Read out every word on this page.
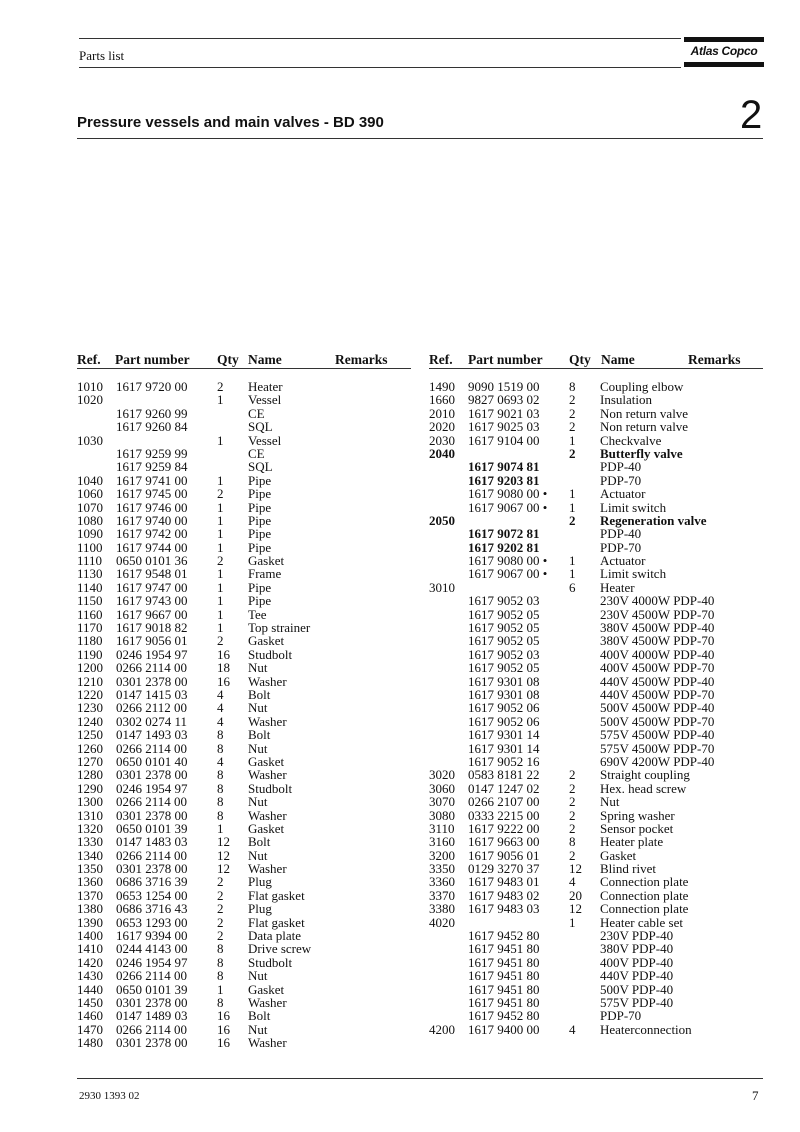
Parts list	Atlas Copco
Pressure vessels and main valves - BD 390	2
Ref. Part number Qty Name	Remarks	Ref. Part number Qty Name	Remarks
1010 1617 9720 00 2 Heater
1020	1 Vessel
1617 9260 99	CE
1617 9260 84	SQL
1030	1 Vessel
1617 9259 99	CE
1617 9259 84	SQL
1040 1617 9741 00 1 Pipe
1060 1617 9745 00 2 Pipe
1070 1617 9746 00 1 Pipe
1080 1617 9740 00 1 Pipe
1090 1617 9742 00 1 Pipe
1100 1617 9744 00 1 Pipe
1110 0650 0101 36 2 Gasket
1130 1617 9548 01 1 Frame
1140 1617 9747 00 1 Pipe
1150 1617 9743 00 1 Pipe
1160 1617 9667 00 1 Tee
1170 1617 9018 82 1 Top strainer
1180 1617 9056 01 2 Gasket
1190 0246 1954 97 16 Studbolt
1200 0266 2114 00 18 Nut
1210 0301 2378 00 16 Washer
1220 0147 1415 03 4 Bolt
1230 0266 2112 00 4 Nut
1240 0302 0274 11 4 Washer
1250 0147 1493 03 8 Bolt
1260 0266 2114 00 8 Nut
1270 0650 0101 40 4 Gasket
1280 0301 2378 00 8 Washer
1290 0246 1954 97 8 Studbolt
1300 0266 2114 00 8 Nut
1310 0301 2378 00 8 Washer
1320 0650 0101 39 1 Gasket
1330 0147 1483 03 12 Bolt
1340 0266 2114 00 12 Nut
1350 0301 2378 00 12 Washer
1360 0686 3716 39 2 Plug
1370 0653 1254 00 2 Flat gasket
1380 0686 3716 43 2 Plug
1390 0653 1293 00 2 Flat gasket
1400 1617 9394 00 2 Data plate
1410 0244 4143 00 8 Drive screw
1420 0246 1954 97 8 Studbolt
1430 0266 2114 00 8 Nut
1440 0650 0101 39 1 Gasket
1450 0301 2378 00 8 Washer
1460 0147 1489 03 16 Bolt
1470 0266 2114 00 16 Nut
1480 0301 2378 00 16 Washer
1490 9090 1519 00 8 Coupling elbow
1660 9827 0693 02 2 Insulation
2010 1617 9021 03 2 Non return valve
2020 1617 9025 03 2 Non return valve
2030 1617 9104 00 1 Checkvalve
2040	2 Butterfly valve
1617 9074 81	PDP-40
1617 9203 81	PDP-70
1617 9080 00 • 1 Actuator
1617 9067 00 • 1 Limit switch
2050	2 Regeneration valve
1617 9072 81	PDP-40
1617 9202 81	PDP-70
1617 9080 00 • 1 Actuator
1617 9067 00 • 1 Limit switch
3010	6 Heater
1617 9052 03	230V 4000W PDP-40
1617 9052 05	230V 4500W PDP-70
1617 9052 05	380V 4500W PDP-40
1617 9052 05	380V 4500W PDP-70
1617 9052 03	400V 4000W PDP-40
1617 9052 05	400V 4500W PDP-70
1617 9301 08	440V 4500W PDP-40
1617 9301 08	440V 4500W PDP-70
1617 9052 06	500V 4500W PDP-40
1617 9052 06	500V 4500W PDP-70
1617 9301 14	575V 4500W PDP-40
1617 9301 14	575V 4500W PDP-70
1617 9052 16	690V 4200W PDP-40
3020 0583 8181 22 2 Straight coupling
3060 0147 1247 02 2 Hex. head screw
3070 0266 2107 00 2 Nut
3080 0333 2215 00 2 Spring washer
3110 1617 9222 00 2 Sensor pocket
3160 1617 9663 00 8 Heater plate
3200 1617 9056 01 2 Gasket
3350 0129 3270 37 12 Blind rivet
3360 1617 9483 01 4 Connection plate
3370 1617 9483 02 20 Connection plate
3380 1617 9483 03 12 Connection plate
4020	1 Heater cable set
1617 9452 80	230V PDP-40
1617 9451 80	380V PDP-40
1617 9451 80	400V PDP-40
1617 9451 80	440V PDP-40
1617 9451 80	500V PDP-40
1617 9451 80	575V PDP-40
1617 9452 80	PDP-70
4200 1617 9400 00 4 Heaterconnection
2930 1393 02	7
